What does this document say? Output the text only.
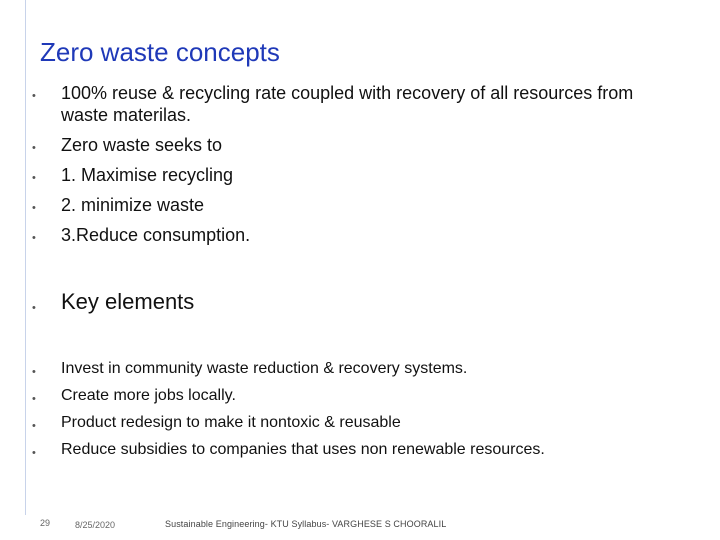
Zero waste concepts
• 100% reuse & recycling rate coupled with recovery of all resources from waste materilas.
• Zero waste seeks to
• 1. Maximise recycling
• 2. minimize waste
• 3.Reduce consumption.
• Key elements
• Invest in community waste reduction & recovery systems.
• Create more jobs locally.
• Product redesign to make it nontoxic & reusable
• Reduce subsidies to companies that uses non renewable resources.
29	8/25/2020	Sustainable Engineering- KTU Syllabus- VARGHESE S CHOORALIL
